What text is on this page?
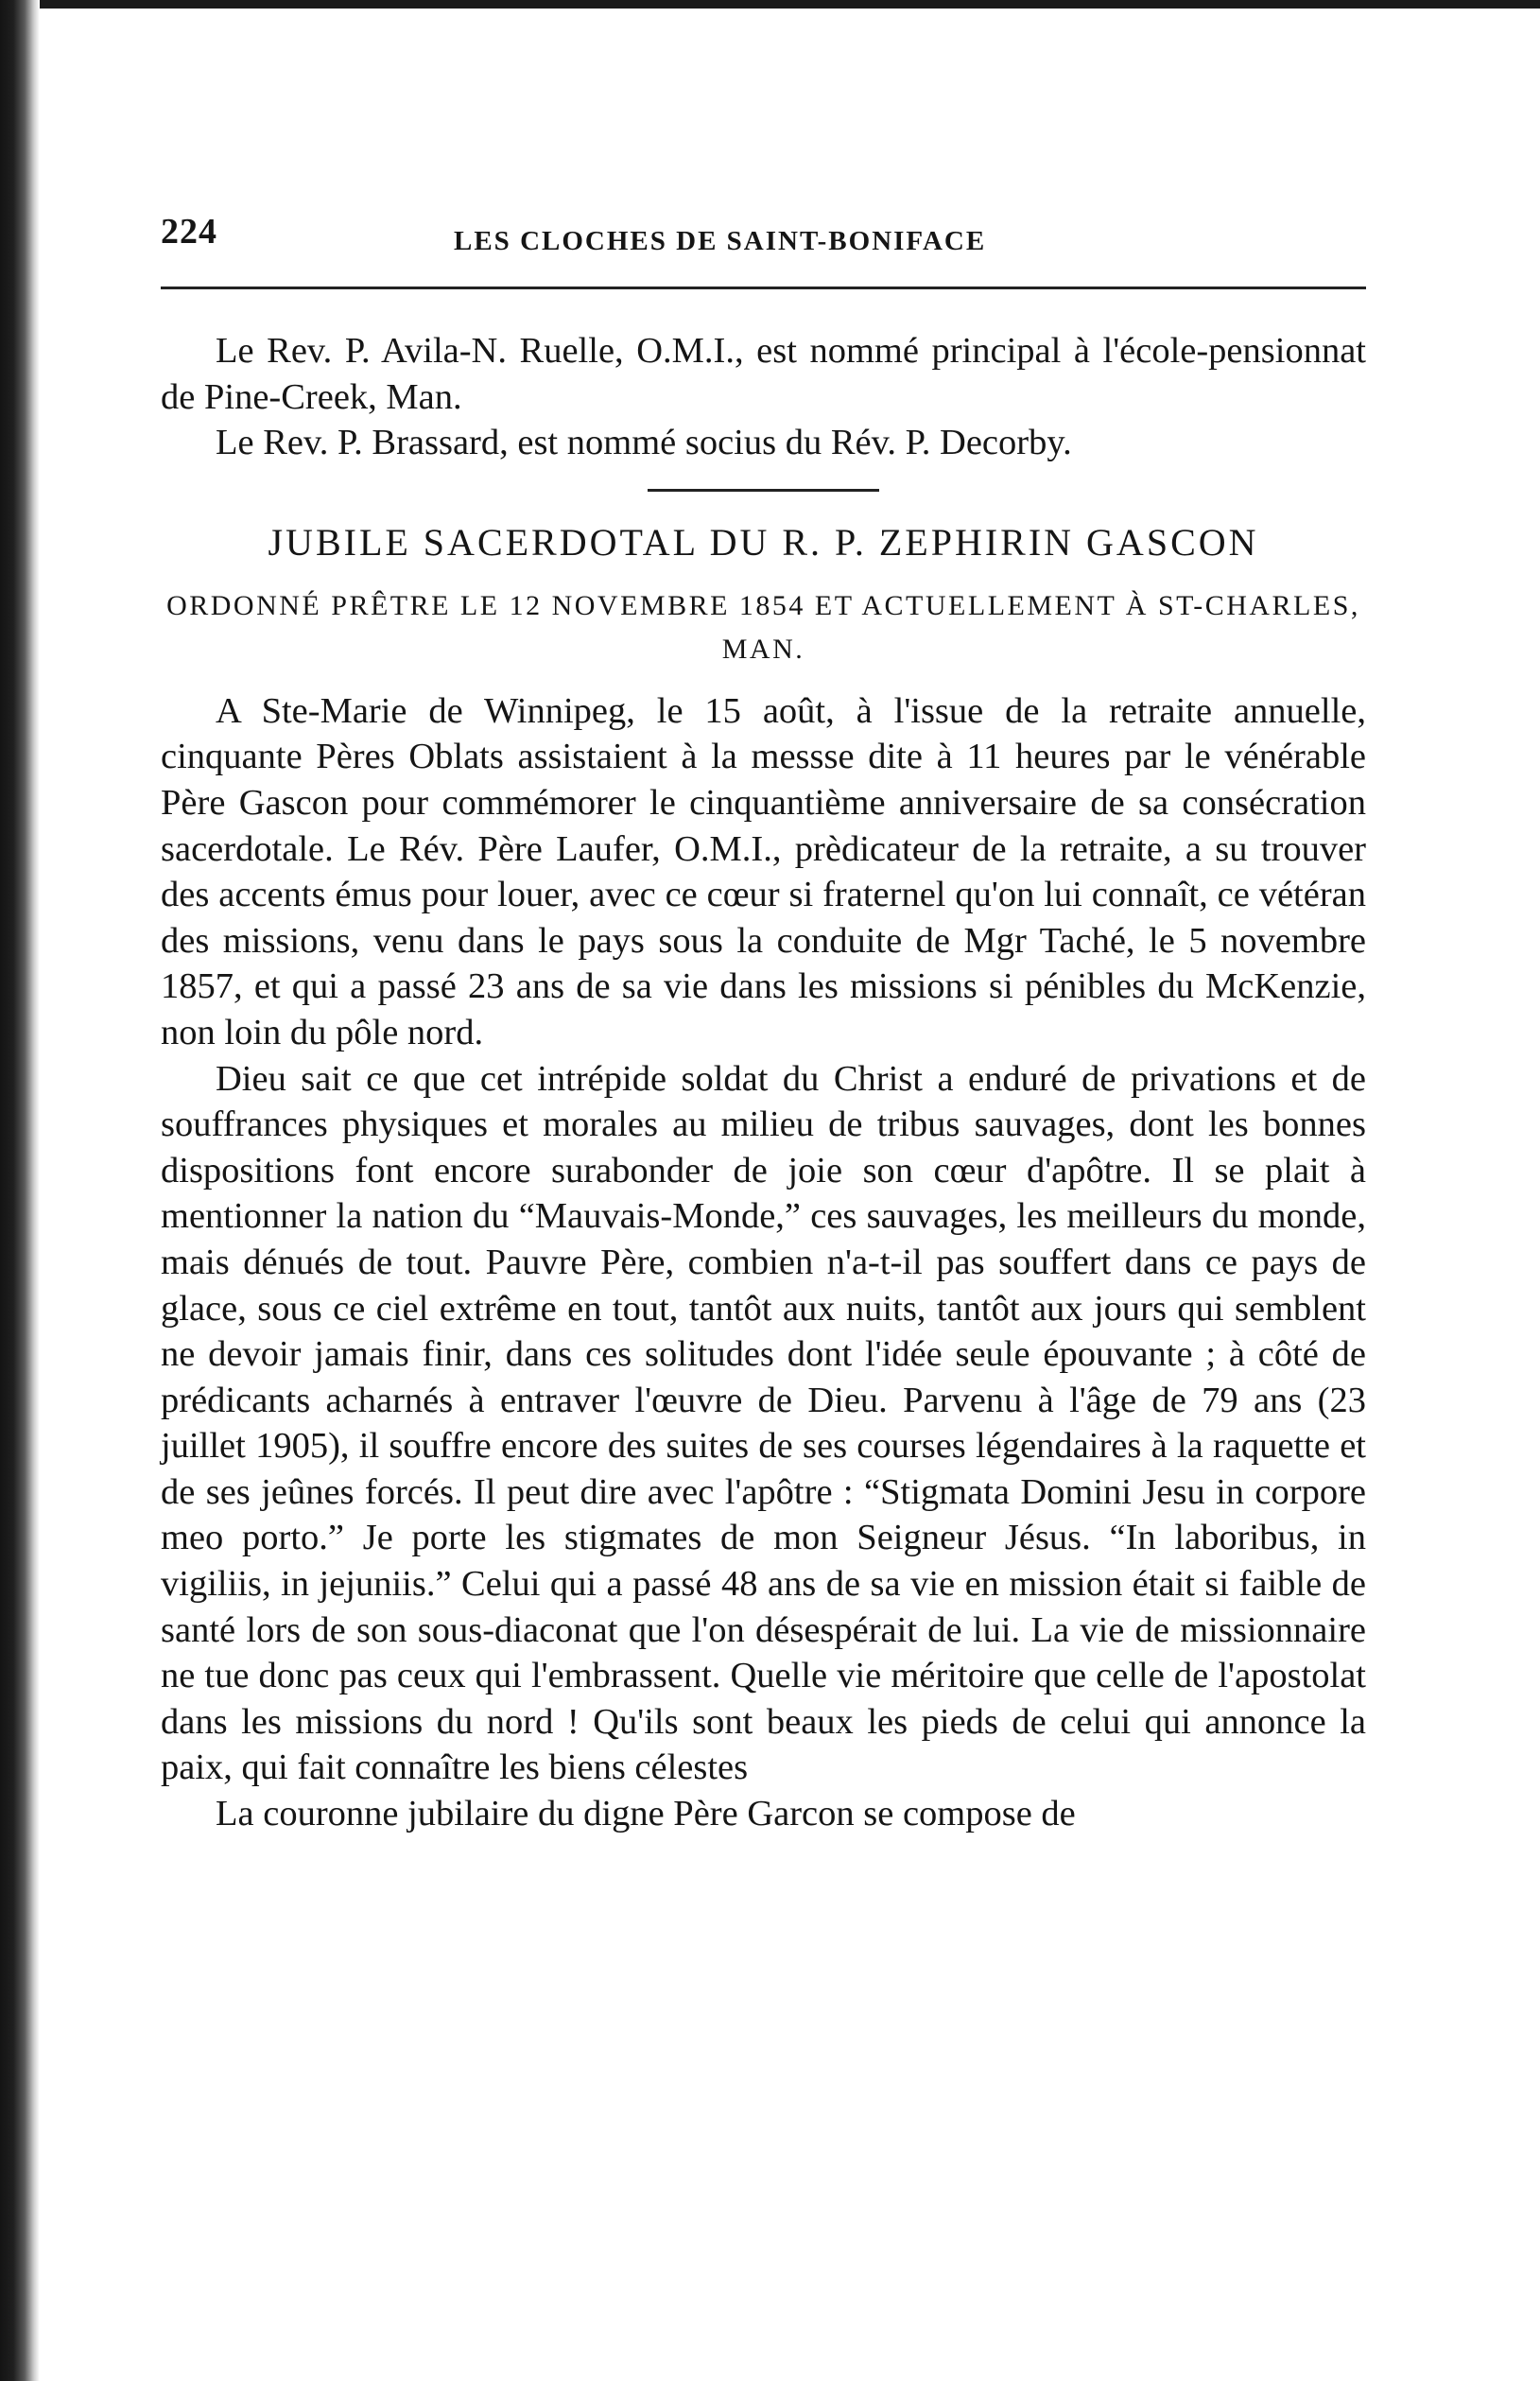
224	LES CLOCHES DE SAINT-BONIFACE

Le Rev. P. Avila-N. Ruelle, O.M.I., est nommé principal à l'école-pensionnat de Pine-Creek, Man.

Le Rev. P. Brassard, est nommé socius du Rév. P. Decorby.

JUBILE SACERDOTAL DU R. P. ZEPHIRIN GASCON
ORDONNÉ PRÊTRE LE 12 NOVEMBRE 1854 ET ACTUELLEMENT À ST-CHARLES, MAN.

A Ste-Marie de Winnipeg, le 15 août, à l'issue de la retraite annuelle, cinquante Pères Oblats assistaient à la messse dite à 11 heures par le vénérable Père Gascon pour commémorer le cinquantième anniversaire de sa consécration sacerdotale. Le Rév. Père Laufer, O.M.I., prèdicateur de la retraite, a su trouver des accents émus pour louer, avec ce cœur si fraternel qu'on lui connaît, ce vétéran des missions, venu dans le pays sous la conduite de Mgr Taché, le 5 novembre 1857, et qui a passé 23 ans de sa vie dans les missions si pénibles du McKenzie, non loin du pôle nord.

Dieu sait ce que cet intrépide soldat du Christ a enduré de privations et de souffrances physiques et morales au milieu de tribus sauvages, dont les bonnes dispositions font encore surabonder de joie son cœur d'apôtre. Il se plait à mentionner la nation du “Mauvais-Monde,” ces sauvages, les meilleurs du monde, mais dénués de tout. Pauvre Père, combien n'a-t-il pas souffert dans ce pays de glace, sous ce ciel extrême en tout, tantôt aux nuits, tantôt aux jours qui semblent ne devoir jamais finir, dans ces solitudes dont l'idée seule épouvante ; à côté de prédicants acharnés à entraver l'œuvre de Dieu. Parvenu à l'âge de 79 ans (23 juillet 1905), il souffre encore des suites de ses courses légendaires à la raquette et de ses jeûnes forcés. Il peut dire avec l'apôtre : “Stigmata Domini Jesu in corpore meo porto.” Je porte les stigmates de mon Seigneur Jésus. “In laboribus, in vigiliis, in jejuniis.” Celui qui a passé 48 ans de sa vie en mission était si faible de santé lors de son sous-diaconat que l'on désespérait de lui. La vie de missionnaire ne tue donc pas ceux qui l'embrassent. Quelle vie méritoire que celle de l'apostolat dans les missions du nord ! Qu'ils sont beaux les pieds de celui qui annonce la paix, qui fait connaître les biens célestes

La couronne jubilaire du digne Père Garcon se compose de
